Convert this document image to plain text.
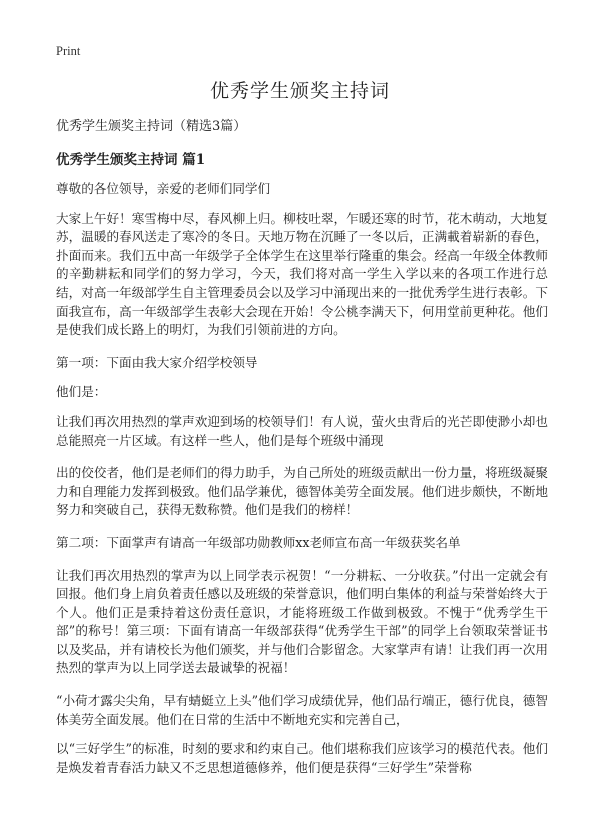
Print
优秀学生颁奖主持词

优秀学生颁奖主持词（精选3篇）

优秀学生颁奖主持词 篇1

尊敬的各位领导，亲爱的老师们同学们

大家上午好！寒雪梅中尽，春风柳上归。柳枝吐翠，乍暖还寒的时节，花木萌动，大地复苏，温暖的春风送走了寒冷的冬日。天地万物在沉睡了一冬以后，正满載着崭新的春色，扑面而来。我们五中高一年级学子全体学生在这里举行隆重的集会。经高一年级全体教师的辛勤耕耘和同学们的努力学习，今天，我们将对高一学生入学以来的各项工作进行总结，对高一年级部学生自主管理委员会以及学习中涌现出来的一批优秀学生进行表彰。下面我宣布，高一年级部学生表彰大会现在开始！令公桃李满天下，何用堂前更种花。他们是使我们成长路上的明灯，为我们引领前进的方向。

第一项：下面由我大家介绍学校领导

他们是：

让我们再次用热烈的掌声欢迎到场的校领导们！有人说，萤火虫背后的光芒即使渺小却也总能照亮一片区域。有这样一些人，他们是每个班级中涌现

出的佼佼者，他们是老师们的得力助手，为自己所处的班级贡献出一份力量，将班级凝聚力和自理能力发挥到极致。他们品学兼优，德智体美劳全面发展。他们进步颇快，不断地努力和突破自己，获得无数称赞。他们是我们的榜样！

第二项：下面掌声有请高一年级部功勋教师xx老师宣布高一年级获奖名单

让我们再次用热烈的掌声为以上同学表示祝贺！“一分耕耘、一分收获。”付出一定就会有回报。他们身上肩负着责任感以及班级的荣誉意识，他们明白集体的利益与荣誉始终大于个人。他们正是秉持着这份责任意识，才能将班级工作做到极致。不愧于“优秀学生干部”的称号！第三项：下面有请高一年级部获得“优秀学生干部”的同学上台领取荣誉证书以及奖品，并有请校长为他们颁奖，并与他们合影留念。大家掌声有请！让我们再一次用热烈的掌声为以上同学送去最诚挚的祝福！

“小荷才露尖尖角，早有蜻蜓立上头”他们学习成绩优异，他们品行端正，德行优良，德智体美劳全面发展。他们在日常的生活中不断地充实和完善自己，

以“三好学生”的标准，时刻的要求和约束自己。他们堪称我们应该学习的模范代表。他们是焕发着青春活力缺又不乏思想道德修养，他们便是获得“三好学生”荣誉称
